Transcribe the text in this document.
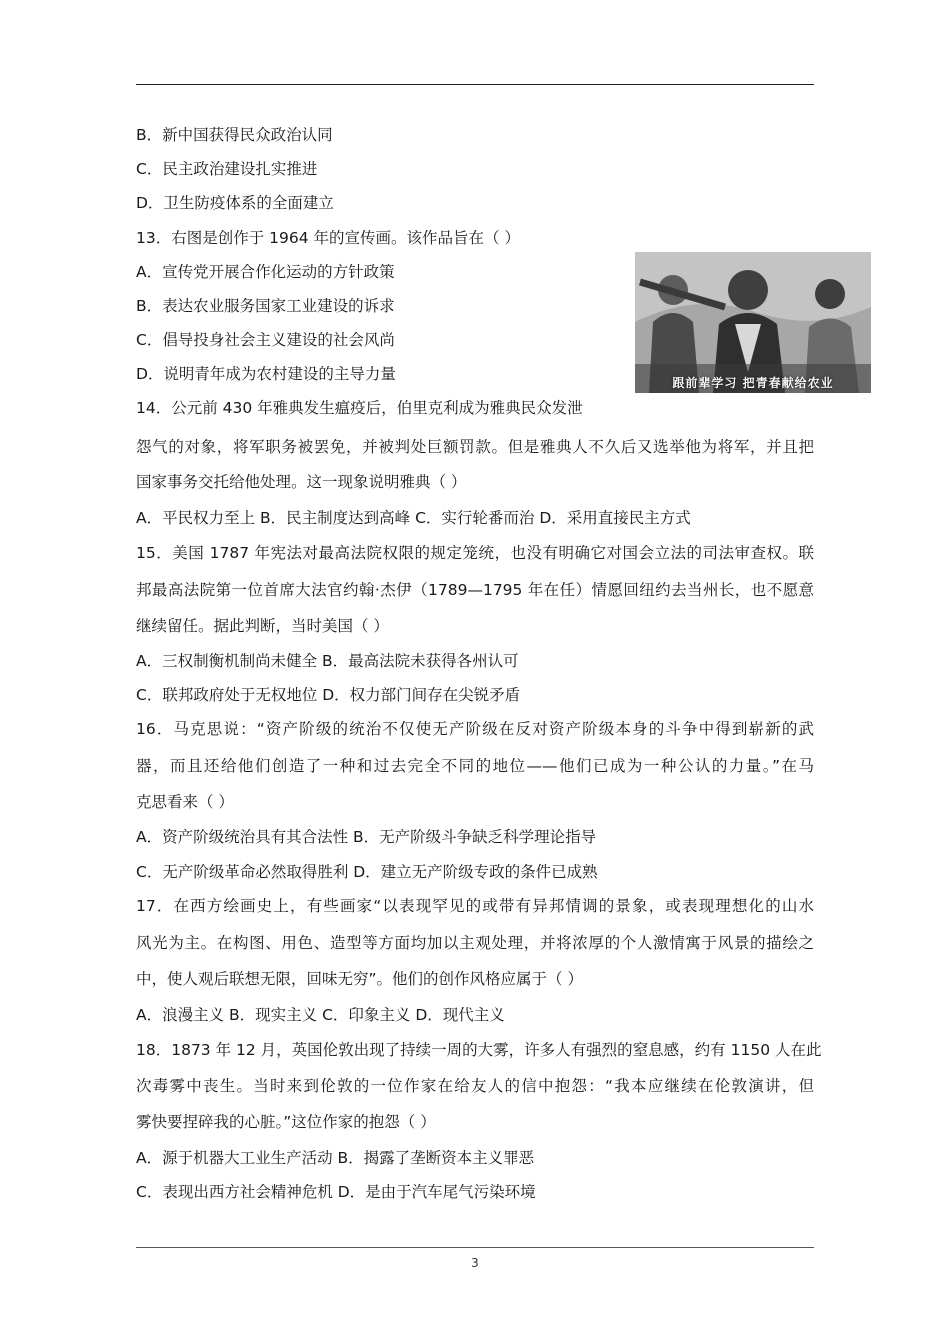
B．新中国获得民众政治认同
C．民主政治建设扎实推进
D．卫生防疫体系的全面建立
13．右图是创作于 1964 年的宣传画。该作品旨在（ ）
A．宣传党开展合作化运动的方针政策
B．表达农业服务国家工业建设的诉求
C．倡导投身社会主义建设的社会风尚
D．说明青年成为农村建设的主导力量	跟前辈学习 把青春献给农业
14．公元前 430 年雅典发生瘟疫后，伯里克利成为雅典民众发泄
怨气的对象，将军职务被罢免，并被判处巨额罚款。但是雅典人不久后又选举他为将军，并且把
国家事务交托给他处理。这一现象说明雅典（ ）
A．平民权力至上 B．民主制度达到高峰 C．实行轮番而治 D．采用直接民主方式
15．美国 1787 年宪法对最高法院权限的规定笼统，也没有明确它对国会立法的司法审查权。联
邦最高法院第一位首席大法官约翰·杰伊（1789—1795 年在任）情愿回纽约去当州长，也不愿意
继续留任。据此判断，当时美国（ ）
A．三权制衡机制尚未健全 B．最高法院未获得各州认可
C．联邦政府处于无权地位 D．权力部门间存在尖锐矛盾
16．马克思说：“资产阶级的统治不仅使无产阶级在反对资产阶级本身的斗争中得到崭新的武
器，而且还给他们创造了一种和过去完全不同的地位——他们已成为一种公认的力量。”在马
克思看来（ ）
A．资产阶级统治具有其合法性 B．无产阶级斗争缺乏科学理论指导
C．无产阶级革命必然取得胜利 D．建立无产阶级专政的条件已成熟
17．在西方绘画史上，有些画家“以表现罕见的或带有异邦情调的景象，或表现理想化的山水
风光为主。在构图、用色、造型等方面均加以主观处理，并将浓厚的个人激情寓于风景的描绘之
中，使人观后联想无限，回味无穷”。他们的创作风格应属于（ ）
A．浪漫主义 B．现实主义 C．印象主义 D．现代主义
18．1873 年 12 月，英国伦敦出现了持续一周的大雾，许多人有强烈的窒息感，约有 1150 人在此
次毒雾中丧生。当时来到伦敦的一位作家在给友人的信中抱怨：“我本应继续在伦敦演讲，但
雾快要捏碎我的心脏。”这位作家的抱怨（ ）
A．源于机器大工业生产活动 B．揭露了垄断资本主义罪恶
C．表现出西方社会精神危机 D．是由于汽车尾气污染环境
3
